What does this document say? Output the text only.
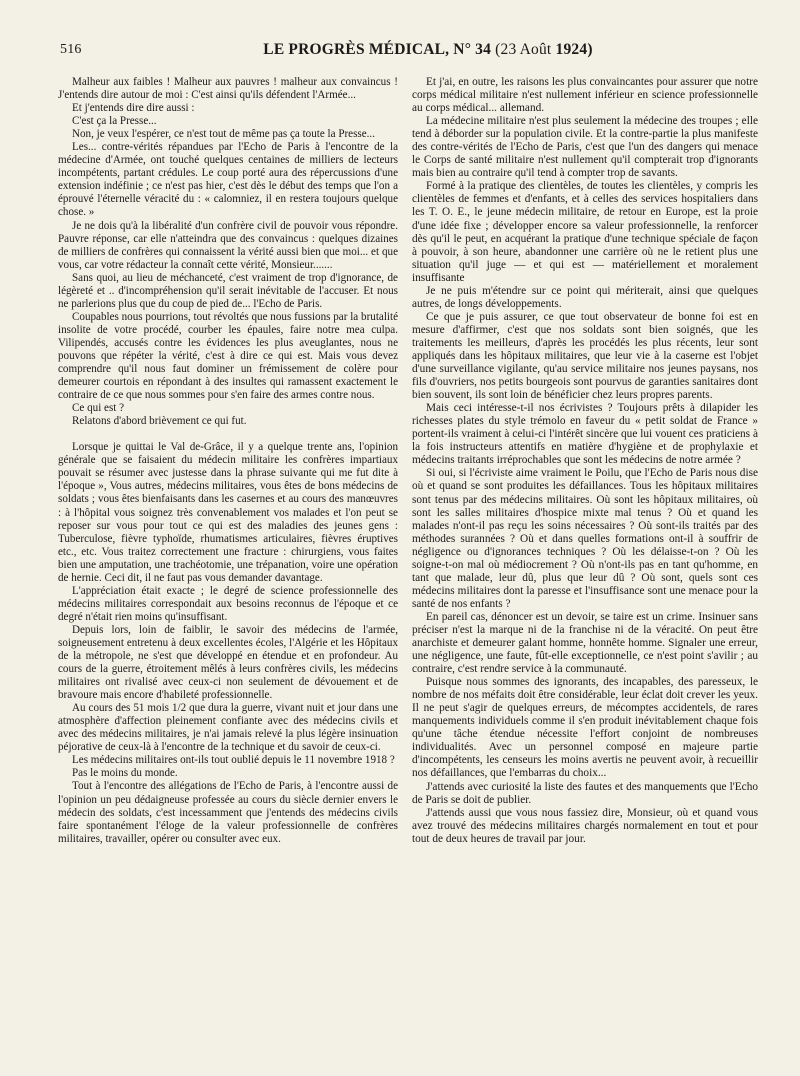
516	LE PROGRÈS MÉDICAL, N° 34 (23 Août 1924)

Malheur aux faibles ! Malheur aux pauvres ! malheur aux convaincus ! J'entends dire autour de moi : C'est ainsi qu'ils défendent l'Armée...

Et j'entends dire dire aussi :

C'est ça la Presse...

Non, je veux l'espérer, ce n'est tout de même pas ça toute la Presse...

Les... contre-vérités répandues par l'Echo de Paris à l'encontre de la médecine d'Armée, ont touché quelques centaines de milliers de lecteurs incompétents, partant crédules. Le coup porté aura des répercussions d'une extension indéfinie ; ce n'est pas hier, c'est dès le début des temps que l'on a éprouvé l'éternelle véracité du : « calomniez, il en restera toujours quelque chose. »

Je ne dois qu'à la libéralité d'un confrère civil de pouvoir vous répondre. Pauvre réponse, car elle n'atteindra que des convaincus : quelques dizaines de milliers de confrères qui connaissent la vérité aussi bien que moi... et que vous, car votre rédacteur la connaît cette vérité, Monsieur.......

Sans quoi, au lieu de méchanceté, c'est vraiment de trop d'ignorance, de légèreté et .. d'incompréhension qu'il serait inévitable de l'accuser. Et nous ne parlerions plus que du coup de pied de... l'Echo de Paris.

Coupables nous pourrions, tout révoltés que nous fussions par la brutalité insolite de votre procédé, courber les épaules, faire notre mea culpa. Vilipendés, accusés contre les évidences les plus aveuglantes, nous ne pouvons que répéter la vérité, c'est à dire ce qui est. Mais vous devez comprendre qu'il nous faut dominer un frémissement de colère pour demeurer courtois en répondant à des insultes qui ramassent exactement le contraire de ce que nous sommes pour s'en faire des armes contre nous.

Ce qui est ?

Relatons d'abord brièvement ce qui fut.

Lorsque je quittai le Val de-Grâce, il y a quelque trente ans, l'opinion générale que se faisaient du médecin militaire les confrères impartiaux pouvait se résumer avec justesse dans la phrase suivante qui me fut dite à l'époque », Vous autres, médecins militaires, vous êtes de bons médecins de soldats ; vous êtes bienfaisants dans les casernes et au cours des manœuvres : à l'hôpital vous soignez très convenablement vos malades et l'on peut se reposer sur vous pour tout ce qui est des maladies des jeunes gens : Tuberculose, fièvre typhoïde, rhumatismes articulaires, fièvres éruptives etc., etc. Vous traitez correctement une fracture : chirurgiens, vous faites bien une amputation, une trachéotomie, une trépanation, voire une opération de hernie. Ceci dit, il ne faut pas vous demander davantage.

L'appréciation était exacte ; le degré de science professionnelle des médecins militaires correspondait aux besoins reconnus de l'époque et ce degré n'était rien moins qu'insuffisant.

Depuis lors, loin de faiblir, le savoir des médecins de l'armée, soigneusement entretenu à deux excellentes écoles, l'Algérie et les Hôpitaux de la métropole, ne s'est que développé en étendue et en profondeur. Au cours de la guerre, étroitement mêlés à leurs confrères civils, les médecins militaires ont rivalisé avec ceux-ci non seulement de dévouement et de bravoure mais encore d'habileté professionnelle.

Au cours des 51 mois 1/2 que dura la guerre, vivant nuit et jour dans une atmosphère d'affection pleinement confiante avec des médecins civils et avec des médecins militaires, je n'ai jamais relevé la plus légère insinuation péjorative de ceux-là à l'encontre de la technique et du savoir de ceux-ci.

Les médecins militaires ont-ils tout oublié depuis le 11 novembre 1918 ?

Pas le moins du monde.

Tout à l'encontre des allégations de l'Echo de Paris, à l'encontre aussi de l'opinion un peu dédaigneuse professée au cours du siècle dernier envers le médecin des soldats, c'est incessamment que j'entends des médecins civils faire spontanément l'éloge de la valeur professionnelle de confrères militaires, travailler, opérer ou consulter avec eux.

Et j'ai, en outre, les raisons les plus convaincantes pour assurer que notre corps médical militaire n'est nullement inférieur en science professionnelle au corps médical... allemand.

La médecine militaire n'est plus seulement la médecine des troupes ; elle tend à déborder sur la population civile. Et la contre-partie la plus manifeste des contre-vérités de l'Echo de Paris, c'est que l'un des dangers qui menace le Corps de santé militaire n'est nullement qu'il compterait trop d'ignorants mais bien au contraire qu'il tend à compter trop de savants.

Formé à la pratique des clientèles, de toutes les clientèles, y compris les clientèles de femmes et d'enfants, et à celles des services hospitaliers dans les T. O. E., le jeune médecin militaire, de retour en Europe, est la proie d'une idée fixe ; développer encore sa valeur professionnelle, la renforcer dès qu'il le peut, en acquérant la pratique d'une technique spéciale de façon à pouvoir, à son heure, abandonner une carrière où ne le retient plus une situation qu'il juge — et qui est — matériellement et moralement insuffisante

Je ne puis m'étendre sur ce point qui mériterait, ainsi que quelques autres, de longs développements.

Ce que je puis assurer, ce que tout observateur de bonne foi est en mesure d'affirmer, c'est que nos soldats sont bien soignés, que les traitements les meilleurs, d'après les procédés les plus récents, leur sont appliqués dans les hôpitaux militaires, que leur vie à la caserne est l'objet d'une surveillance vigilante, qu'au service militaire nos jeunes paysans, nos fils d'ouvriers, nos petits bourgeois sont pourvus de garanties sanitaires dont bien souvent, ils sont loin de bénéficier chez leurs propres parents.

Mais ceci intéresse-t-il nos écrivistes ? Toujours prêts à dilapider les richesses plates du style trémolo en faveur du « petit soldat de France » portent-ils vraiment à celui-ci l'intérêt sincère que lui vouent ces praticiens à la fois instructeurs attentifs en matière d'hygiène et de prophylaxie et médecins traitants irréprochables que sont les médecins de notre armée ?

Si oui, si l'écriviste aime vraiment le Poilu, que l'Echo de Paris nous dise où et quand se sont produites les défaillances. Tous les hôpitaux militaires sont tenus par des médecins militaires. Où sont les hôpitaux militaires, où sont les salles militaires d'hospice mixte mal tenus ? Où et quand les malades n'ont-il pas reçu les soins nécessaires ? Où sont-ils traités par des méthodes surannées ? Où et dans quelles formations ont-il à souffrir de négligence ou d'ignorances techniques ? Où les délaisse-t-on ? Où les soigne-t-on mal où médiocrement ? Où n'ont-ils pas en tant qu'homme, en tant que malade, leur dû, plus que leur dû ? Où sont, quels sont ces médecins militaires dont la paresse et l'insuffisance sont une menace pour la santé de nos enfants ?

En pareil cas, dénoncer est un devoir, se taire est un crime. Insinuer sans préciser n'est la marque ni de la franchise ni de la véracité. On peut être anarchiste et demeurer galant homme, honnête homme. Signaler une erreur, une négligence, une faute, fût-elle exceptionnelle, ce n'est point s'avilir ; au contraire, c'est rendre service à la communauté.

Puisque nous sommes des ignorants, des incapables, des paresseux, le nombre de nos méfaits doit être considérable, leur éclat doit crever les yeux. Il ne peut s'agir de quelques erreurs, de mécomptes accidentels, de rares manquements individuels comme il s'en produit inévitablement chaque fois qu'une tâche étendue nécessite l'effort conjoint de nombreuses individualités. Avec un personnel composé en majeure partie d'incompétents, les censeurs les moins avertis ne peuvent avoir, à recueillir nos défaillances, que l'embarras du choix...

J'attends avec curiosité la liste des fautes et des manquements que l'Echo de Paris se doit de publier.

J'attends aussi que vous nous fassiez dire, Monsieur, où et quand vous avez trouvé des médecins militaires chargés normalement en tout et pour tout de deux heures de travail par jour.
